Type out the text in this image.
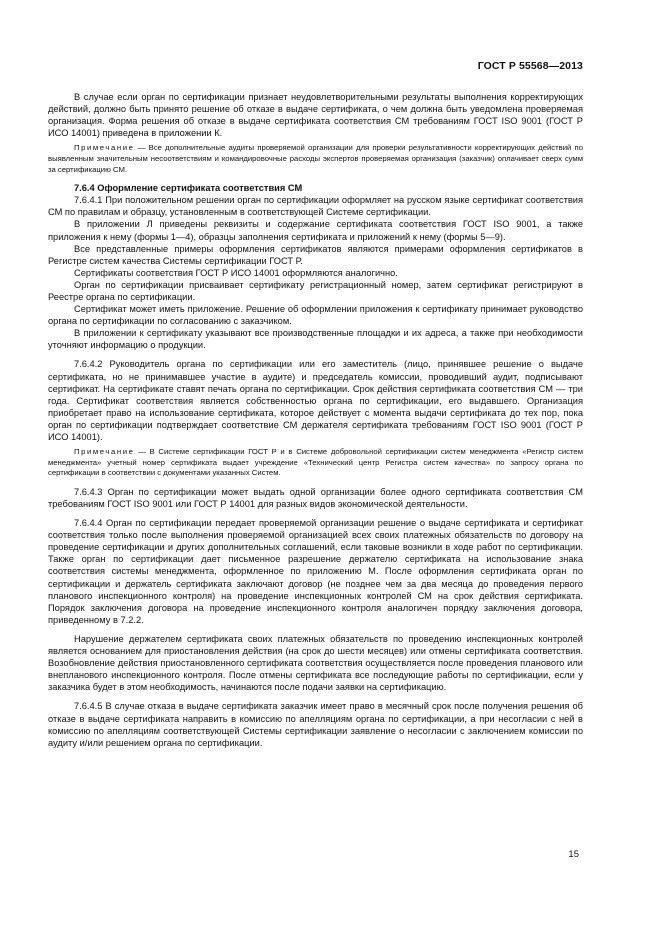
ГОСТ Р 55568—2013

В случае если орган по сертификации признает неудовлетворительными результаты выполнения корректирующих действий, должно быть принято решение об отказе в выдаче сертификата, о чем должна быть уведомлена проверяемая организация. Форма решения об отказе в выдаче сертификата соответствия СМ требованиям ГОСТ ISO 9001 (ГОСТ Р ИСО 14001) приведена в приложении К.

Примечание — Все дополнительные аудиты проверяемой организации для проверки результативности корректирующих действий по выявленным значительным несоответствиям и командировочные расходы экспертов проверяемая организация (заказчик) оплачивает сверх сумм за сертификацию СМ.

7.6.4 Оформление сертификата соответствия СМ

7.6.4.1 При положительном решении орган по сертификации оформляет на русском языке сертификат соответствия СМ по правилам и образцу, установленным в соответствующей Системе сертификации.

В приложении Л приведены реквизиты и содержание сертификата соответствия ГОСТ ISO 9001, а также приложения к нему (формы 1—4), образцы заполнения сертификата и приложений к нему (формы 5—9).

Все представленные примеры оформления сертификатов являются примерами оформления сертификатов в Регистре систем качества Системы сертификации ГОСТ Р.

Сертификаты соответствия ГОСТ Р ИСО 14001 оформляются аналогично.

Орган по сертификации присваивает сертификату регистрационный номер, затем сертификат регистрируют в Реестре органа по сертификации.

Сертификат может иметь приложение. Решение об оформлении приложения к сертификату принимает руководство органа по сертификации по согласованию с заказчиком.

В приложении к сертификату указывают все производственные площадки и их адреса, а также при необходимости уточняют информацию о продукции.

7.6.4.2 Руководитель органа по сертификации или его заместитель (лицо, принявшее решение о выдаче сертификата, но не принимавшее участие в аудите) и председатель комиссии, проводивший аудит, подписывают сертификат. На сертификате ставят печать органа по сертификации. Срок действия сертификата соответствия СМ — три года. Сертификат соответствия является собственностью органа по сертификации, его выдавшего. Организация приобретает право на использование сертификата, которое действует с момента выдачи сертификата до тех пор, пока орган по сертификации подтверждает соответствие СМ держателя сертификата требованиям ГОСТ ISO 9001 (ГОСТ Р ИСО 14001).

Примечание — В Системе сертификации ГОСТ Р и в Системе добровольной сертификации систем менеджмента «Регистр систем менеджмента» учетный номер сертификата выдает учреждение «Технический центр Регистра систем качества» по запросу органа по сертификации в соответствии с документами указанных Систем.

7.6.4.3 Орган по сертификации может выдать одной организации более одного сертификата соответствия СМ требованиям ГОСТ ISO 9001 или ГОСТ Р 14001 для разных видов экономической деятельности.

7.6.4.4 Орган по сертификации передает проверяемой организации решение о выдаче сертификата и сертификат соответствия только после выполнения проверяемой организацией всех своих платежных обязательств по договору на проведение сертификации и других дополнительных соглашений, если таковые возникли в ходе работ по сертификации. Также орган по сертификации дает письменное разрешение держателю сертификата на использование знака соответствия системы менеджмента, оформленное по приложению М. После оформления сертификата орган по сертификации и держатель сертификата заключают договор (не позднее чем за два месяца до проведения первого планового инспекционного контроля) на проведение инспекционных контролей СМ на срок действия сертификата. Порядок заключения договора на проведение инспекционного контроля аналогичен порядку заключения договора, приведенному в 7.2.2.

Нарушение держателем сертификата своих платежных обязательств по проведению инспекционных контролей является основанием для приостановления действия (на срок до шести месяцев) или отмены сертификата соответствия. Возобновление действия приостановленного сертификата соответствия осуществляется после проведения планового или внепланового инспекционного контроля. После отмены сертификата все последующие работы по сертификации, если у заказчика будет в этом необходимость, начинаются после подачи заявки на сертификацию.

7.6.4.5 В случае отказа в выдаче сертификата заказчик имеет право в месячный срок после получения решения об отказе в выдаче сертификата направить в комиссию по апелляциям органа по сертификации, а при несогласии с ней в комиссию по апелляциям соответствующей Системы сертификации заявление о несогласии с заключением комиссии по аудиту и/или решением органа по сертификации.

15
